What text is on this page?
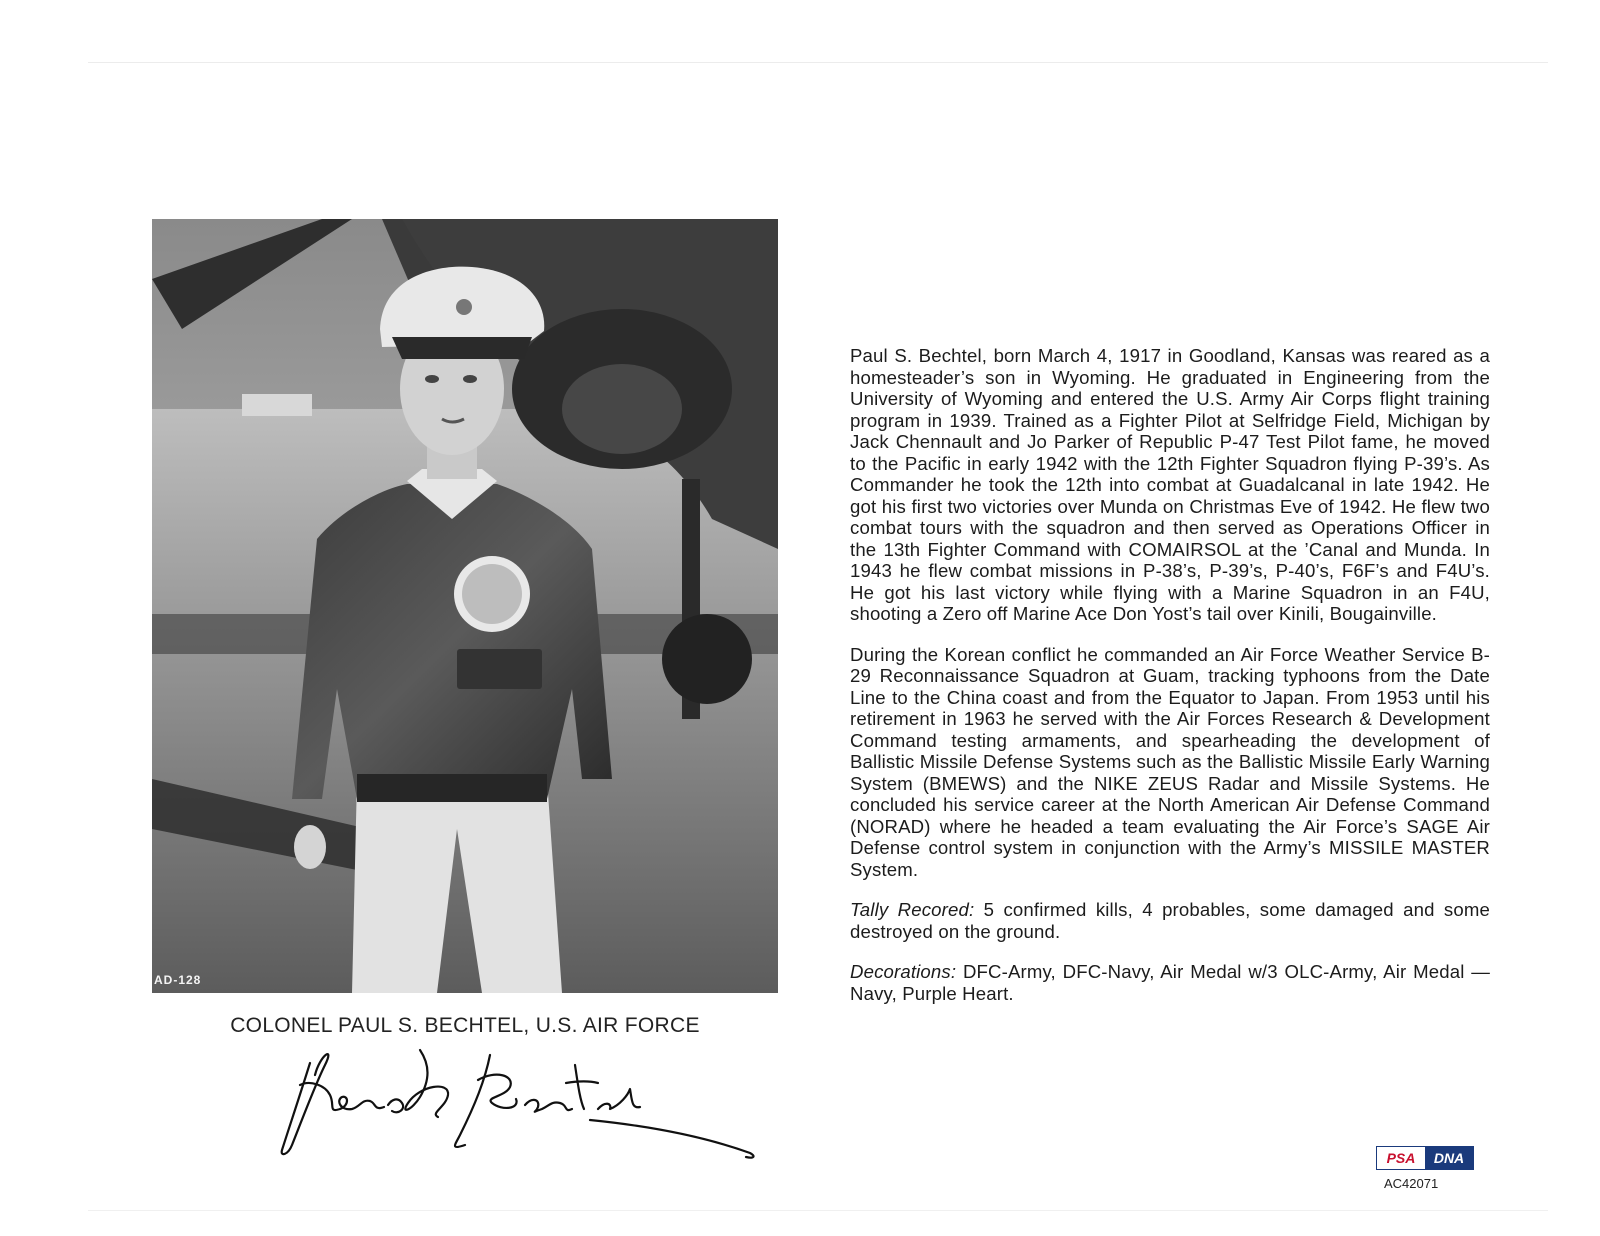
AD-128

COLONEL PAUL S. BECHTEL, U.S. AIR FORCE

Paul S. Bechtel, born March 4, 1917 in Goodland, Kansas was reared as a homesteader’s son in Wyoming. He graduated in Engineering from the University of Wyoming and entered the U.S. Army Air Corps flight training program in 1939. Trained as a Fighter Pilot at Selfridge Field, Michigan by Jack Chennault and Jo Parker of Republic P-47 Test Pilot fame, he moved to the Pacific in early 1942 with the 12th Fighter Squadron flying P-39’s. As Commander he took the 12th into combat at Guadalcanal in late 1942. He got his first two victories over Munda on Christmas Eve of 1942. He flew two combat tours with the squadron and then served as Operations Officer in the 13th Fighter Command with COMAIRSOL at the ’Canal and Munda. In 1943 he flew combat missions in P-38’s, P-39’s, P-40’s, F6F’s and F4U’s. He got his last victory while flying with a Marine Squadron in an F4U, shooting a Zero off Marine Ace Don Yost’s tail over Kinili, Bougainville.

During the Korean conflict he commanded an Air Force Weather Service B-29 Reconnaissance Squadron at Guam, tracking typhoons from the Date Line to the China coast and from the Equator to Japan. From 1953 until his retirement in 1963 he served with the Air Forces Research & Development Command testing armaments, and spearheading the development of Ballistic Missile Defense Systems such as the Ballistic Missile Early Warning System (BMEWS) and the NIKE ZEUS Radar and Missile Systems. He concluded his service career at the North American Air Defense Command (NORAD) where he headed a team evaluating the Air Force’s SAGE Air Defense control system in conjunction with the Army’s MISSILE MASTER System.

Tally Recored: 5 confirmed kills, 4 probables, some damaged and some destroyed on the ground.

Decorations: DFC-Army, DFC-Navy, Air Medal w/3 OLC-Army, Air Medal — Navy, Purple Heart.

PSA	DNA
AC42071
